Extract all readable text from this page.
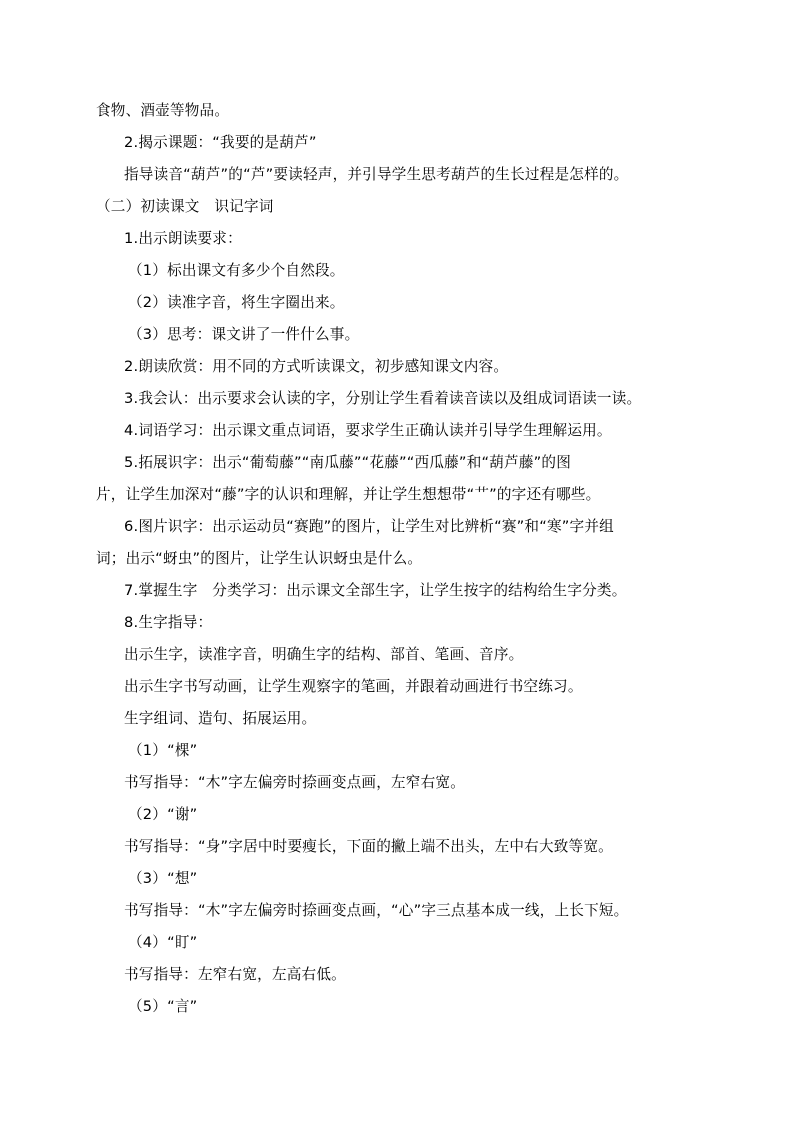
食物、酒壶等物品。
2.揭示课题：“我要的是葫芦”
指导读音“葫芦”的“芦”要读轻声，并引导学生思考葫芦的生长过程是怎样的。
（二）初读课文　识记字词
1.出示朗读要求：
（1）标出课文有多少个自然段。
（2）读准字音，将生字圈出来。
（3）思考：课文讲了一件什么事。
2.朗读欣赏：用不同的方式听读课文，初步感知课文内容。
3.我会认：出示要求会认读的字，分别让学生看着读音读以及组成词语读一读。
4.词语学习：出示课文重点词语，要求学生正确认读并引导学生理解运用。
5.拓展识字：出示“葡萄藤”“南瓜藤”“花藤”“西瓜藤”和“葫芦藤”的图
片，让学生加深对“藤”字的认识和理解，并让学生想想带“艹”的字还有哪些。
6.图片识字：出示运动员“赛跑”的图片，让学生对比辨析“赛”和“寒”字并组
词；出示“蚜虫”的图片，让学生认识蚜虫是什么。
7.掌握生字　分类学习：出示课文全部生字，让学生按字的结构给生字分类。
8.生字指导：
出示生字，读准字音，明确生字的结构、部首、笔画、音序。
出示生字书写动画，让学生观察字的笔画，并跟着动画进行书空练习。
生字组词、造句、拓展运用。
（1）“棵”
书写指导：“木”字左偏旁时捺画变点画，左窄右宽。
（2）“谢”
书写指导：“身”字居中时要瘦长，下面的撇上端不出头，左中右大致等宽。
（3）“想”
书写指导：“木”字左偏旁时捺画变点画，“心”字三点基本成一线，上长下短。
（4）“盯”
书写指导：左窄右宽，左高右低。
（5）“言”
